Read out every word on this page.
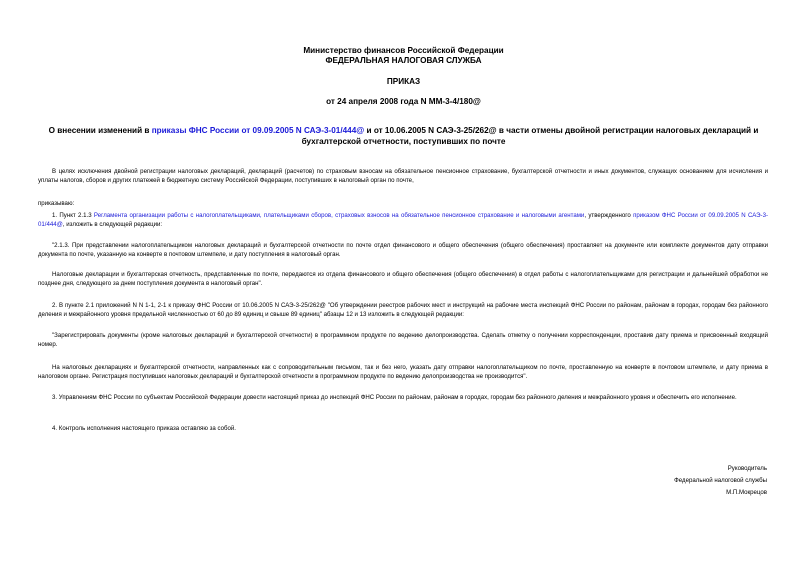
Министерство финансов Российской Федерации
ФЕДЕРАЛЬНАЯ НАЛОГОВАЯ СЛУЖБА
ПРИКАЗ
от 24 апреля 2008 года N ММ-3-4/180@
О внесении изменений в приказы ФНС России от 09.09.2005 N САЭ-3-01/444@ и от 10.06.2005 N САЭ-3-25/262@ в части отмены двойной регистрации налоговых деклараций и бухгалтерской отчетности, поступивших по почте
В целях исключения двойной регистрации налоговых деклараций, деклараций (расчетов) по страховым взносам на обязательное пенсионное страхование, бухгалтерской отчетности и иных документов, служащих основанием для исчисления и уплаты налогов, сборов и других платежей в бюджетную систему Российской Федерации, поступивших в налоговый орган по почте,
приказываю:
1. Пункт 2.1.3 Регламента организации работы с налогоплательщиками, плательщиками сборов, страховых взносов на обязательное пенсионное страхование и налоговыми агентами, утвержденного приказом ФНС России от 09.09.2005 N САЭ-3-01/444@, изложить в следующей редакции:
"2.1.3. При представлении налогоплательщиком налоговых деклараций и бухгалтерской отчетности по почте отдел финансового и общего обеспечения (общего обеспечения) проставляет на документе или комплекте документов дату отправки документа по почте, указанную на конверте в почтовом штемпеле, и дату поступления в налоговый орган.
Налоговые декларации и бухгалтерская отчетность, представленные по почте, передаются из отдела финансового и общего обеспечения (общего обеспечения) в отдел работы с налогоплательщиками для регистрации и дальнейшей обработки не позднее дня, следующего за днем поступления документа в налоговый орган".
2. В пункте 2.1 приложений N N 1-1, 2-1 к приказу ФНС России от 10.06.2005 N САЭ-3-25/262@ "Об утверждении реестров рабочих мест и инструкций на рабочие места инспекций ФНС России по районам, районам в городах, городам без районного деления и межрайонного уровня предельной численностью от 60 до 89 единиц и свыше 89 единиц" абзацы 12 и 13 изложить в следующей редакции:
"Зарегистрировать документы (кроме налоговых деклараций и бухгалтерской отчетности) в программном продукте по ведению делопроизводства. Сделать отметку о получении корреспонденции, проставив дату приема и присвоенный входящий номер.
На налоговых декларациях и бухгалтерской отчетности, направленных как с сопроводительным письмом, так и без него, указать дату отправки налогоплательщиком по почте, проставленную на конверте в почтовом штемпеле, и дату приема в налоговом органе. Регистрация поступивших налоговых деклараций и бухгалтерской отчетности в программном продукте по ведению делопроизводства не производится".
3. Управлениям ФНС России по субъектам Российской Федерации довести настоящий приказ до инспекций ФНС России по районам, районам в городах, городам без районного деления и межрайонного уровня и обеспечить его исполнение.
4. Контроль исполнения настоящего приказа оставляю за собой.
Руководитель
Федеральной налоговой службы
М.П.Мокрецов
